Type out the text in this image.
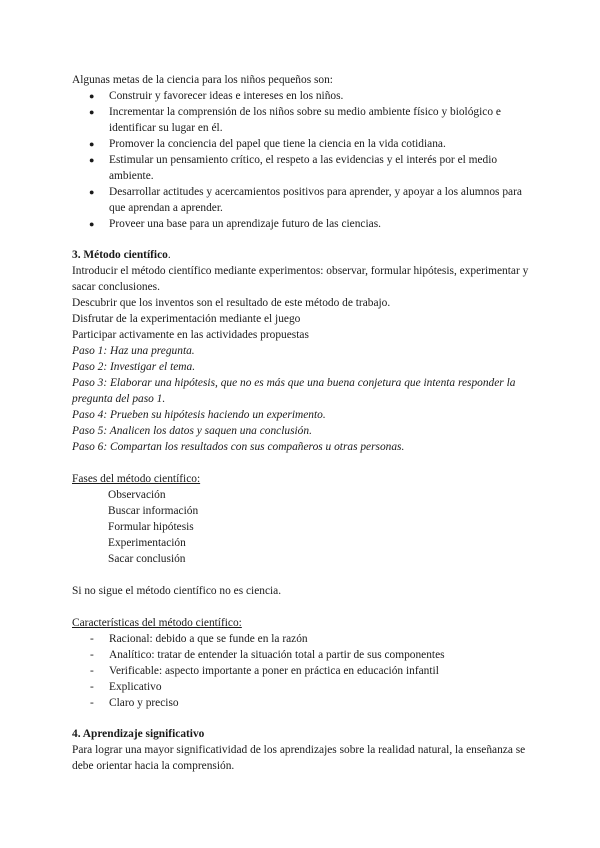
Algunas metas de la ciencia para los niños pequeños son:

● Construir y favorecer ideas e intereses en los niños.
● Incrementar la comprensión de los niños sobre su medio ambiente físico y biológico e identificar su lugar en él.
● Promover la conciencia del papel que tiene la ciencia en la vida cotidiana.
● Estimular un pensamiento crítico, el respeto a las evidencias y el interés por el medio ambiente.
● Desarrollar actitudes y acercamientos positivos para aprender, y apoyar a los alumnos para que aprendan a aprender.
● Proveer una base para un aprendizaje futuro de las ciencias.
3. Método científico.

Introducir el método científico mediante experimentos: observar, formular hipótesis, experimentar y sacar conclusiones.

Descubrir que los inventos son el resultado de este método de trabajo.

Disfrutar de la experimentación mediante el juego

Participar activamente en las actividades propuestas

Paso 1: Haz una pregunta.

Paso 2: Investigar el tema.

Paso 3: Elaborar una hipótesis, que no es más que una buena conjetura que intenta responder la pregunta del paso 1.

Paso 4: Prueben su hipótesis haciendo un experimento.

Paso 5: Analicen los datos y saquen una conclusión.

Paso 6: Compartan los resultados con sus compañeros u otras personas.

Fases del método científico:

Observación

Buscar información

Formular hipótesis

Experimentación

Sacar conclusión

Si no sigue el método científico no es ciencia.

Características del método científico:

- Racional: debido a que se funde en la razón
- Analítico: tratar de entender la situación total a partir de sus componentes
- Verificable: aspecto importante a poner en práctica en educación infantil
- Explicativo
- Claro y preciso
4. Aprendizaje significativo

Para lograr una mayor significatividad de los aprendizajes sobre la realidad natural, la enseñanza se debe orientar hacia la comprensión.
